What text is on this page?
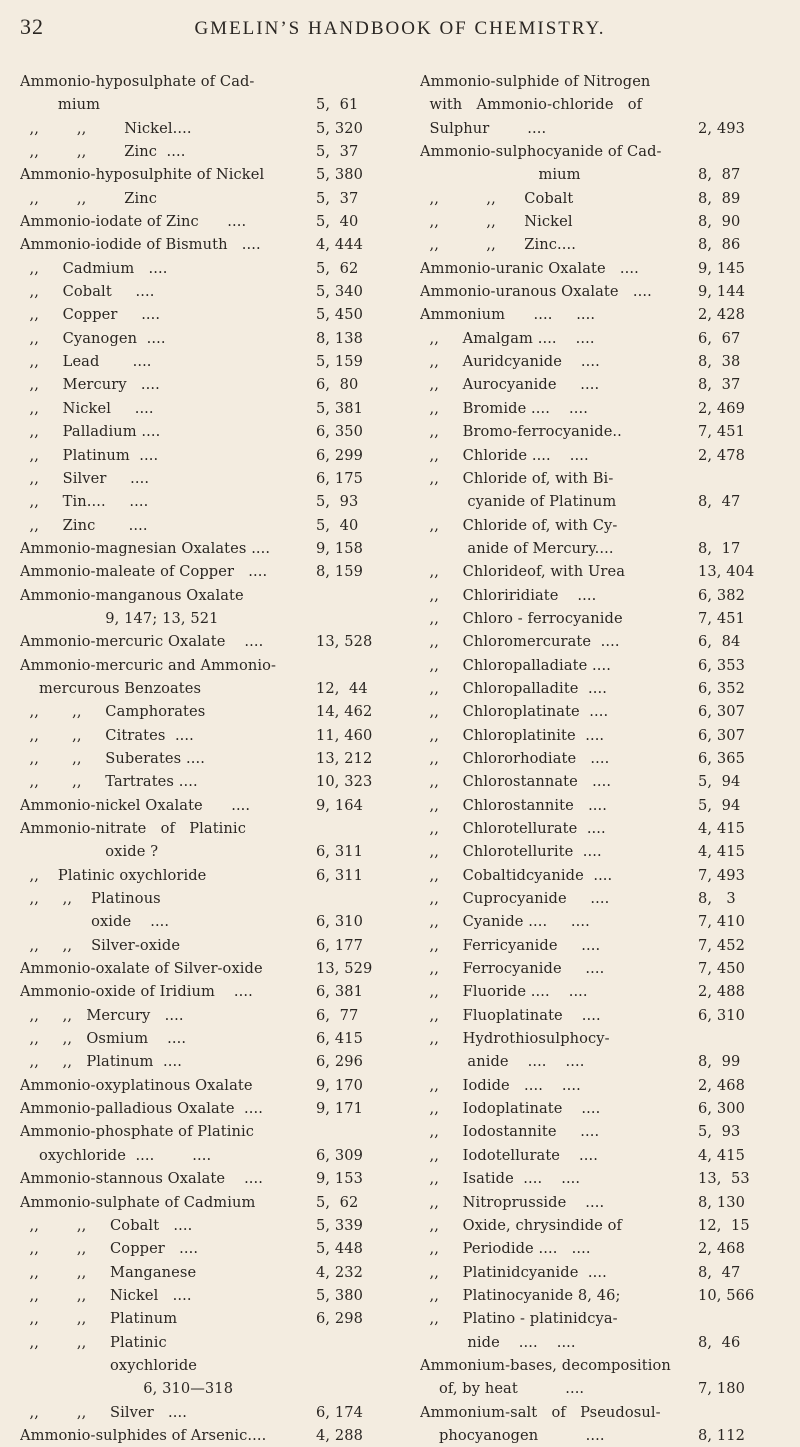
32	GMELIN’S HANDBOOK OF CHEMISTRY.
Ammonio-hyposulphate of Cad-
mium	5,  61
,,        ,,        Nickel....	5, 320
,,        ,,        Zinc  ....	5,  37
Ammonio-hyposulphite of Nickel	5, 380
,,        ,,        Zinc	5,  37
Ammonio-iodate of Zinc      ....	5,  40
Ammonio-iodide of Bismuth   ....	4, 444
,,     Cadmium   ....	5,  62
,,     Cobalt     ....	5, 340
,,     Copper     ....	5, 450
,,     Cyanogen  ....	8, 138
,,     Lead       ....	5, 159
,,     Mercury   ....	6,  80
,,     Nickel     ....	5, 381
,,     Palladium ....	6, 350
,,     Platinum  ....	6, 299
,,     Silver     ....	6, 175
,,     Tin....     ....	5,  93
,,     Zinc       ....	5,  40
Ammonio-magnesian Oxalates ....	9, 158
Ammonio-maleate of Copper   ....	8, 159
Ammonio-manganous Oxalate
9, 147; 13, 521
Ammonio-mercuric Oxalate    ....	13, 528
Ammonio-mercuric and Ammonio-
mercurous Benzoates	12,  44
,,       ,,     Camphorates	14, 462
,,       ,,     Citrates  ....	11, 460
,,       ,,     Suberates ....	13, 212
,,       ,,     Tartrates ....	10, 323
Ammonio-nickel Oxalate      ....	9, 164
Ammonio-nitrate   of   Platinic
oxide ?	6, 311
,,    Platinic oxychloride	6, 311
,,     ,,    Platinous
oxide    ....	6, 310
,,     ,,    Silver-oxide	6, 177
Ammonio-oxalate of Silver-oxide	13, 529
Ammonio-oxide of Iridium    ....	6, 381
,,     ,,   Mercury   ....	6,  77
,,     ,,   Osmium    ....	6, 415
,,     ,,   Platinum  ....	6, 296
Ammonio-oxyplatinous Oxalate	9, 170
Ammonio-palladious Oxalate  ....	9, 171
Ammonio-phosphate of Platinic
oxychloride  ....        ....	6, 309
Ammonio-stannous Oxalate    ....	9, 153
Ammonio-sulphate of Cadmium	5,  62
,,        ,,     Cobalt   ....	5, 339
,,        ,,     Copper   ....	5, 448
,,        ,,     Manganese	4, 232
,,        ,,     Nickel   ....	5, 380
,,        ,,     Platinum	6, 298
,,        ,,     Platinic
oxychloride
6, 310—318
,,        ,,     Silver   ....	6, 174
Ammonio-sulphides of Arsenic....	4, 288
Ammonio-sulphide of Nitrogen
with   Ammonio-chloride   of
Sulphur        ....	2, 493
Ammonio-sulphocyanide of Cad-
mium	8,  87
,,          ,,      Cobalt	8,  89
,,          ,,      Nickel	8,  90
,,          ,,      Zinc....	8,  86
Ammonio-uranic Oxalate   ....	9, 145
Ammonio-uranous Oxalate   ....	9, 144
Ammonium      ....     ....	2, 428
,,     Amalgam ....    ....	6,  67
,,     Auridcyanide    ....	8,  38
,,     Aurocyanide     ....	8,  37
,,     Bromide ....    ....	2, 469
,,     Bromo-ferrocyanide..	7, 451
,,     Chloride ....    ....	2, 478
,,     Chloride of, with Bi-
cyanide of Platinum	8,  47
,,     Chloride of, with Cy-
anide of Mercury....	8,  17
,,     Chlorideof, with Urea	13, 404
,,     Chloriridiate    ....	6, 382
,,     Chloro - ferrocyanide	7, 451
,,     Chloromercurate  ....	6,  84
,,     Chloropalladiate ....	6, 353
,,     Chloropalladite  ....	6, 352
,,     Chloroplatinate  ....	6, 307
,,     Chloroplatinite  ....	6, 307
,,     Chlororhodiate   ....	6, 365
,,     Chlorostannate   ....	5,  94
,,     Chlorostannite   ....	5,  94
,,     Chlorotellurate  ....	4, 415
,,     Chlorotellurite  ....	4, 415
,,     Cobaltidcyanide  ....	7, 493
,,     Cuprocyanide     ....	8,   3
,,     Cyanide ....     ....	7, 410
,,     Ferricyanide     ....	7, 452
,,     Ferrocyanide     ....	7, 450
,,     Fluoride ....    ....	2, 488
,,     Fluoplatinate    ....	6, 310
,,     Hydrothiosulphocy-
anide    ....    ....	8,  99
,,     Iodide   ....    ....	2, 468
,,     Iodoplatinate    ....	6, 300
,,     Iodostannite     ....	5,  93
,,     Iodotellurate    ....	4, 415
,,     Isatide  ....    ....	13,  53
,,     Nitroprusside    ....	8, 130
,,     Oxide, chrysindide of	12,  15
,,     Periodide ....   ....	2, 468
,,     Platinidcyanide  ....	8,  47
,,     Platinocyanide 8, 46;	10, 566
,,     Platino - platinidcya-
nide    ....    ....	8,  46
Ammonium-bases, decomposition
of, by heat          ....	7, 180
Ammonium-salt   of   Pseudosul-
phocyanogen          ....	8, 112
